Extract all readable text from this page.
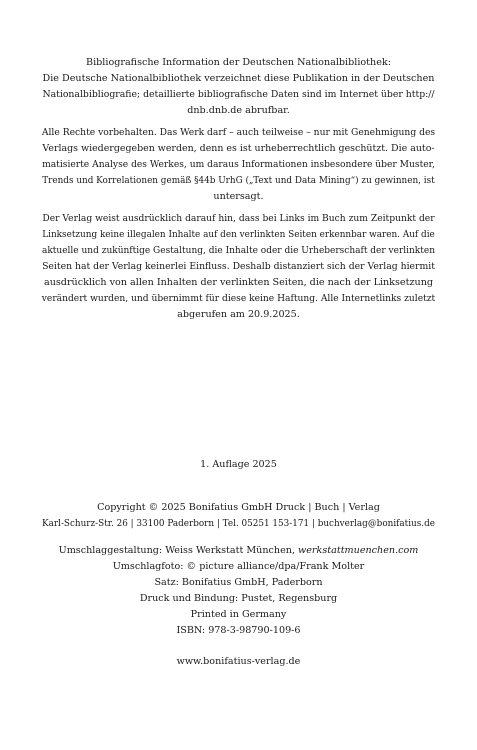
Bibliografische Information der Deutschen Nationalbibliothek:
Die Deutsche Nationalbibliothek verzeichnet diese Publikation in der Deutschen
Nationalbibliografie; detaillierte bibliografische Daten sind im Internet über http://
dnb.dnb.de abrufbar.
Alle Rechte vorbehalten. Das Werk darf – auch teilweise – nur mit Genehmigung des
Verlags wiedergegeben werden, denn es ist urheberrechtlich geschützt. Die auto-
matisierte Analyse des Werkes, um daraus Informationen insbesondere über Muster,
Trends und Korrelationen gemäß §44b UrhG („Text und Data Mining“) zu gewinnen, ist
untersagt.
Der Verlag weist ausdrücklich darauf hin, dass bei Links im Buch zum Zeitpunkt der
Linksetzung keine illegalen Inhalte auf den verlinkten Seiten erkennbar waren. Auf die
aktuelle und zukünftige Gestaltung, die Inhalte oder die Urheberschaft der verlinkten
Seiten hat der Verlag keinerlei Einfluss. Deshalb distanziert sich der Verlag hiermit
ausdrücklich von allen Inhalten der verlinkten Seiten, die nach der Linksetzung
verändert wurden, und übernimmt für diese keine Haftung. Alle Internetlinks zuletzt
abgerufen am 20.9.2025.
1. Auflage 2025
Copyright © 2025 Bonifatius GmbH Druck | Buch | Verlag
Karl-Schurz-Str. 26 | 33100 Paderborn | Tel. 05251 153-171 | buchverlag@bonifatius.de
Umschlaggestaltung: Weiss Werkstatt München, werkstattmuenchen.com
Umschlagfoto: © picture alliance/dpa/Frank Molter
Satz: Bonifatius GmbH, Paderborn
Druck und Bindung: Pustet, Regensburg
Printed in Germany
ISBN: 978-3-98790-109-6
www.bonifatius-verlag.de
